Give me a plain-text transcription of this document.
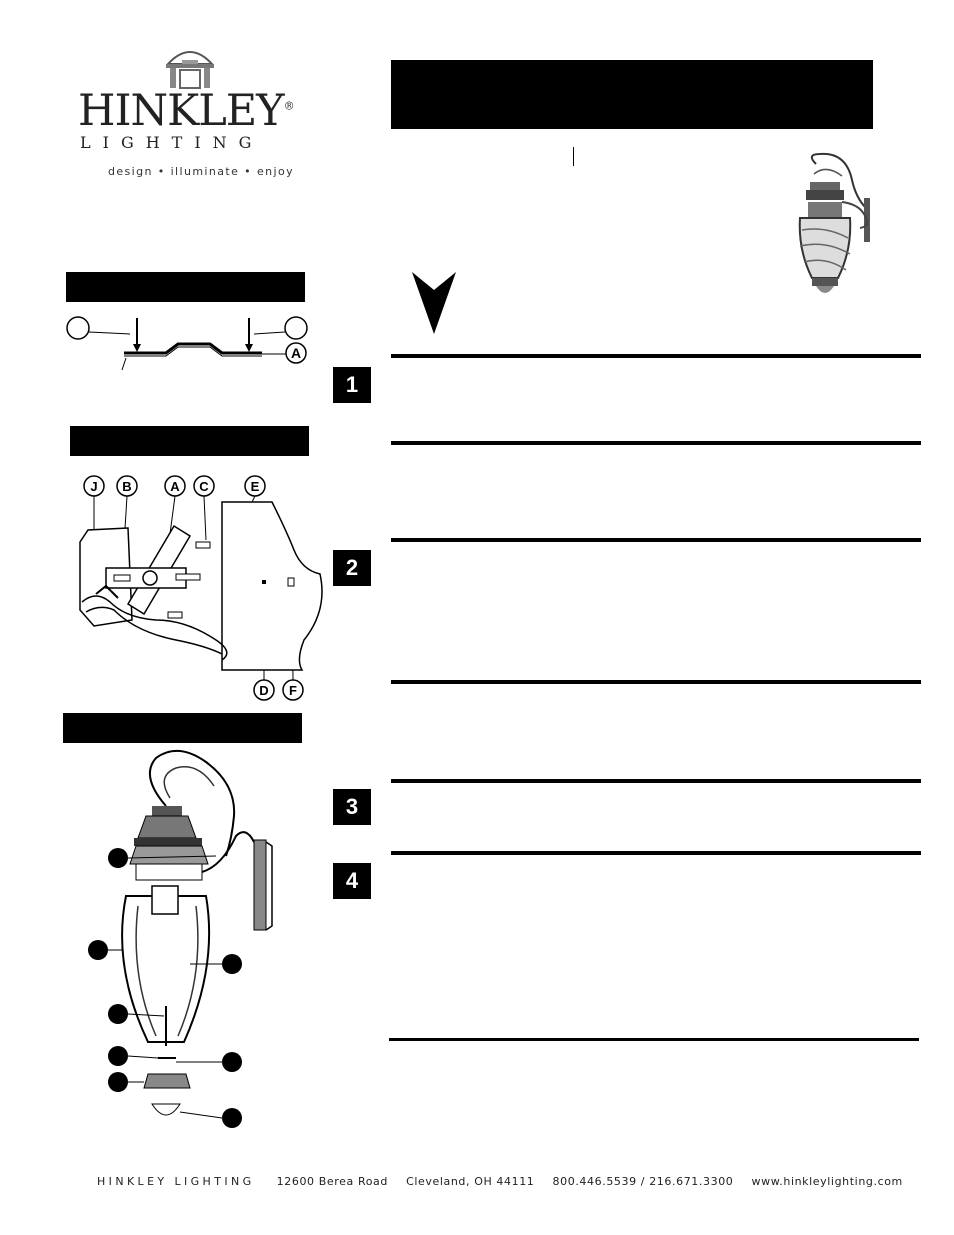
HINKLEY®
LIGHTING
design • illuminate • enjoy
A
J B	A C	E
D F
1
2
3
4
HINKLEY LIGHTING 12600 Berea Road Cleveland, OH 44111 800.446.5539 / 216.671.3300 www.hinkleylighting.com
